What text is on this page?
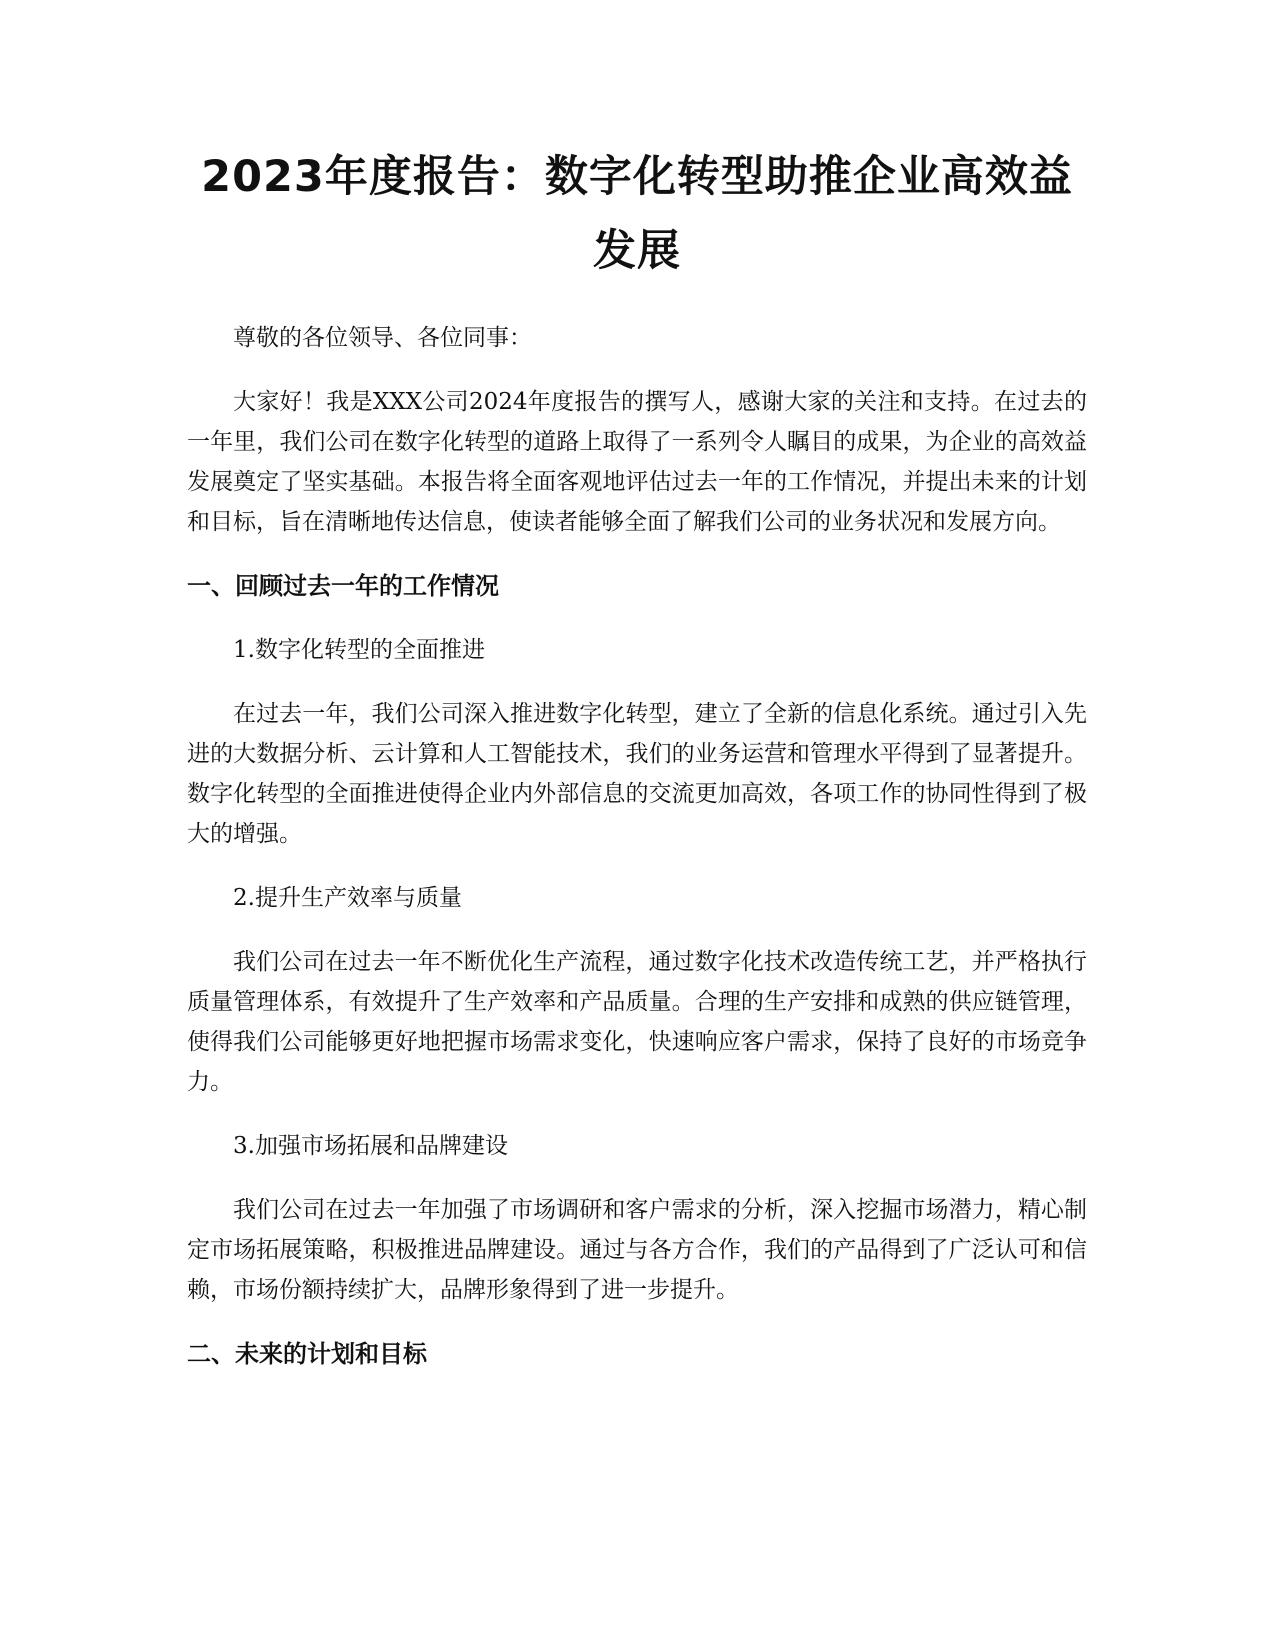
2023年度报告：数字化转型助推企业高效益发展

尊敬的各位领导、各位同事：

大家好！我是XXX公司2024年度报告的撰写人，感谢大家的关注和支持。在过去的一年里，我们公司在数字化转型的道路上取得了一系列令人瞩目的成果，为企业的高效益发展奠定了坚实基础。本报告将全面客观地评估过去一年的工作情况，并提出未来的计划和目标，旨在清晰地传达信息，使读者能够全面了解我们公司的业务状况和发展方向。

一、回顾过去一年的工作情况

1.数字化转型的全面推进

在过去一年，我们公司深入推进数字化转型，建立了全新的信息化系统。通过引入先进的大数据分析、云计算和人工智能技术，我们的业务运营和管理水平得到了显著提升。数字化转型的全面推进使得企业内外部信息的交流更加高效，各项工作的协同性得到了极大的增强。

2.提升生产效率与质量

我们公司在过去一年不断优化生产流程，通过数字化技术改造传统工艺，并严格执行质量管理体系，有效提升了生产效率和产品质量。合理的生产安排和成熟的供应链管理，使得我们公司能够更好地把握市场需求变化，快速响应客户需求，保持了良好的市场竞争力。

3.加强市场拓展和品牌建设

我们公司在过去一年加强了市场调研和客户需求的分析，深入挖掘市场潜力，精心制定市场拓展策略，积极推进品牌建设。通过与各方合作，我们的产品得到了广泛认可和信赖，市场份额持续扩大，品牌形象得到了进一步提升。

二、未来的计划和目标
